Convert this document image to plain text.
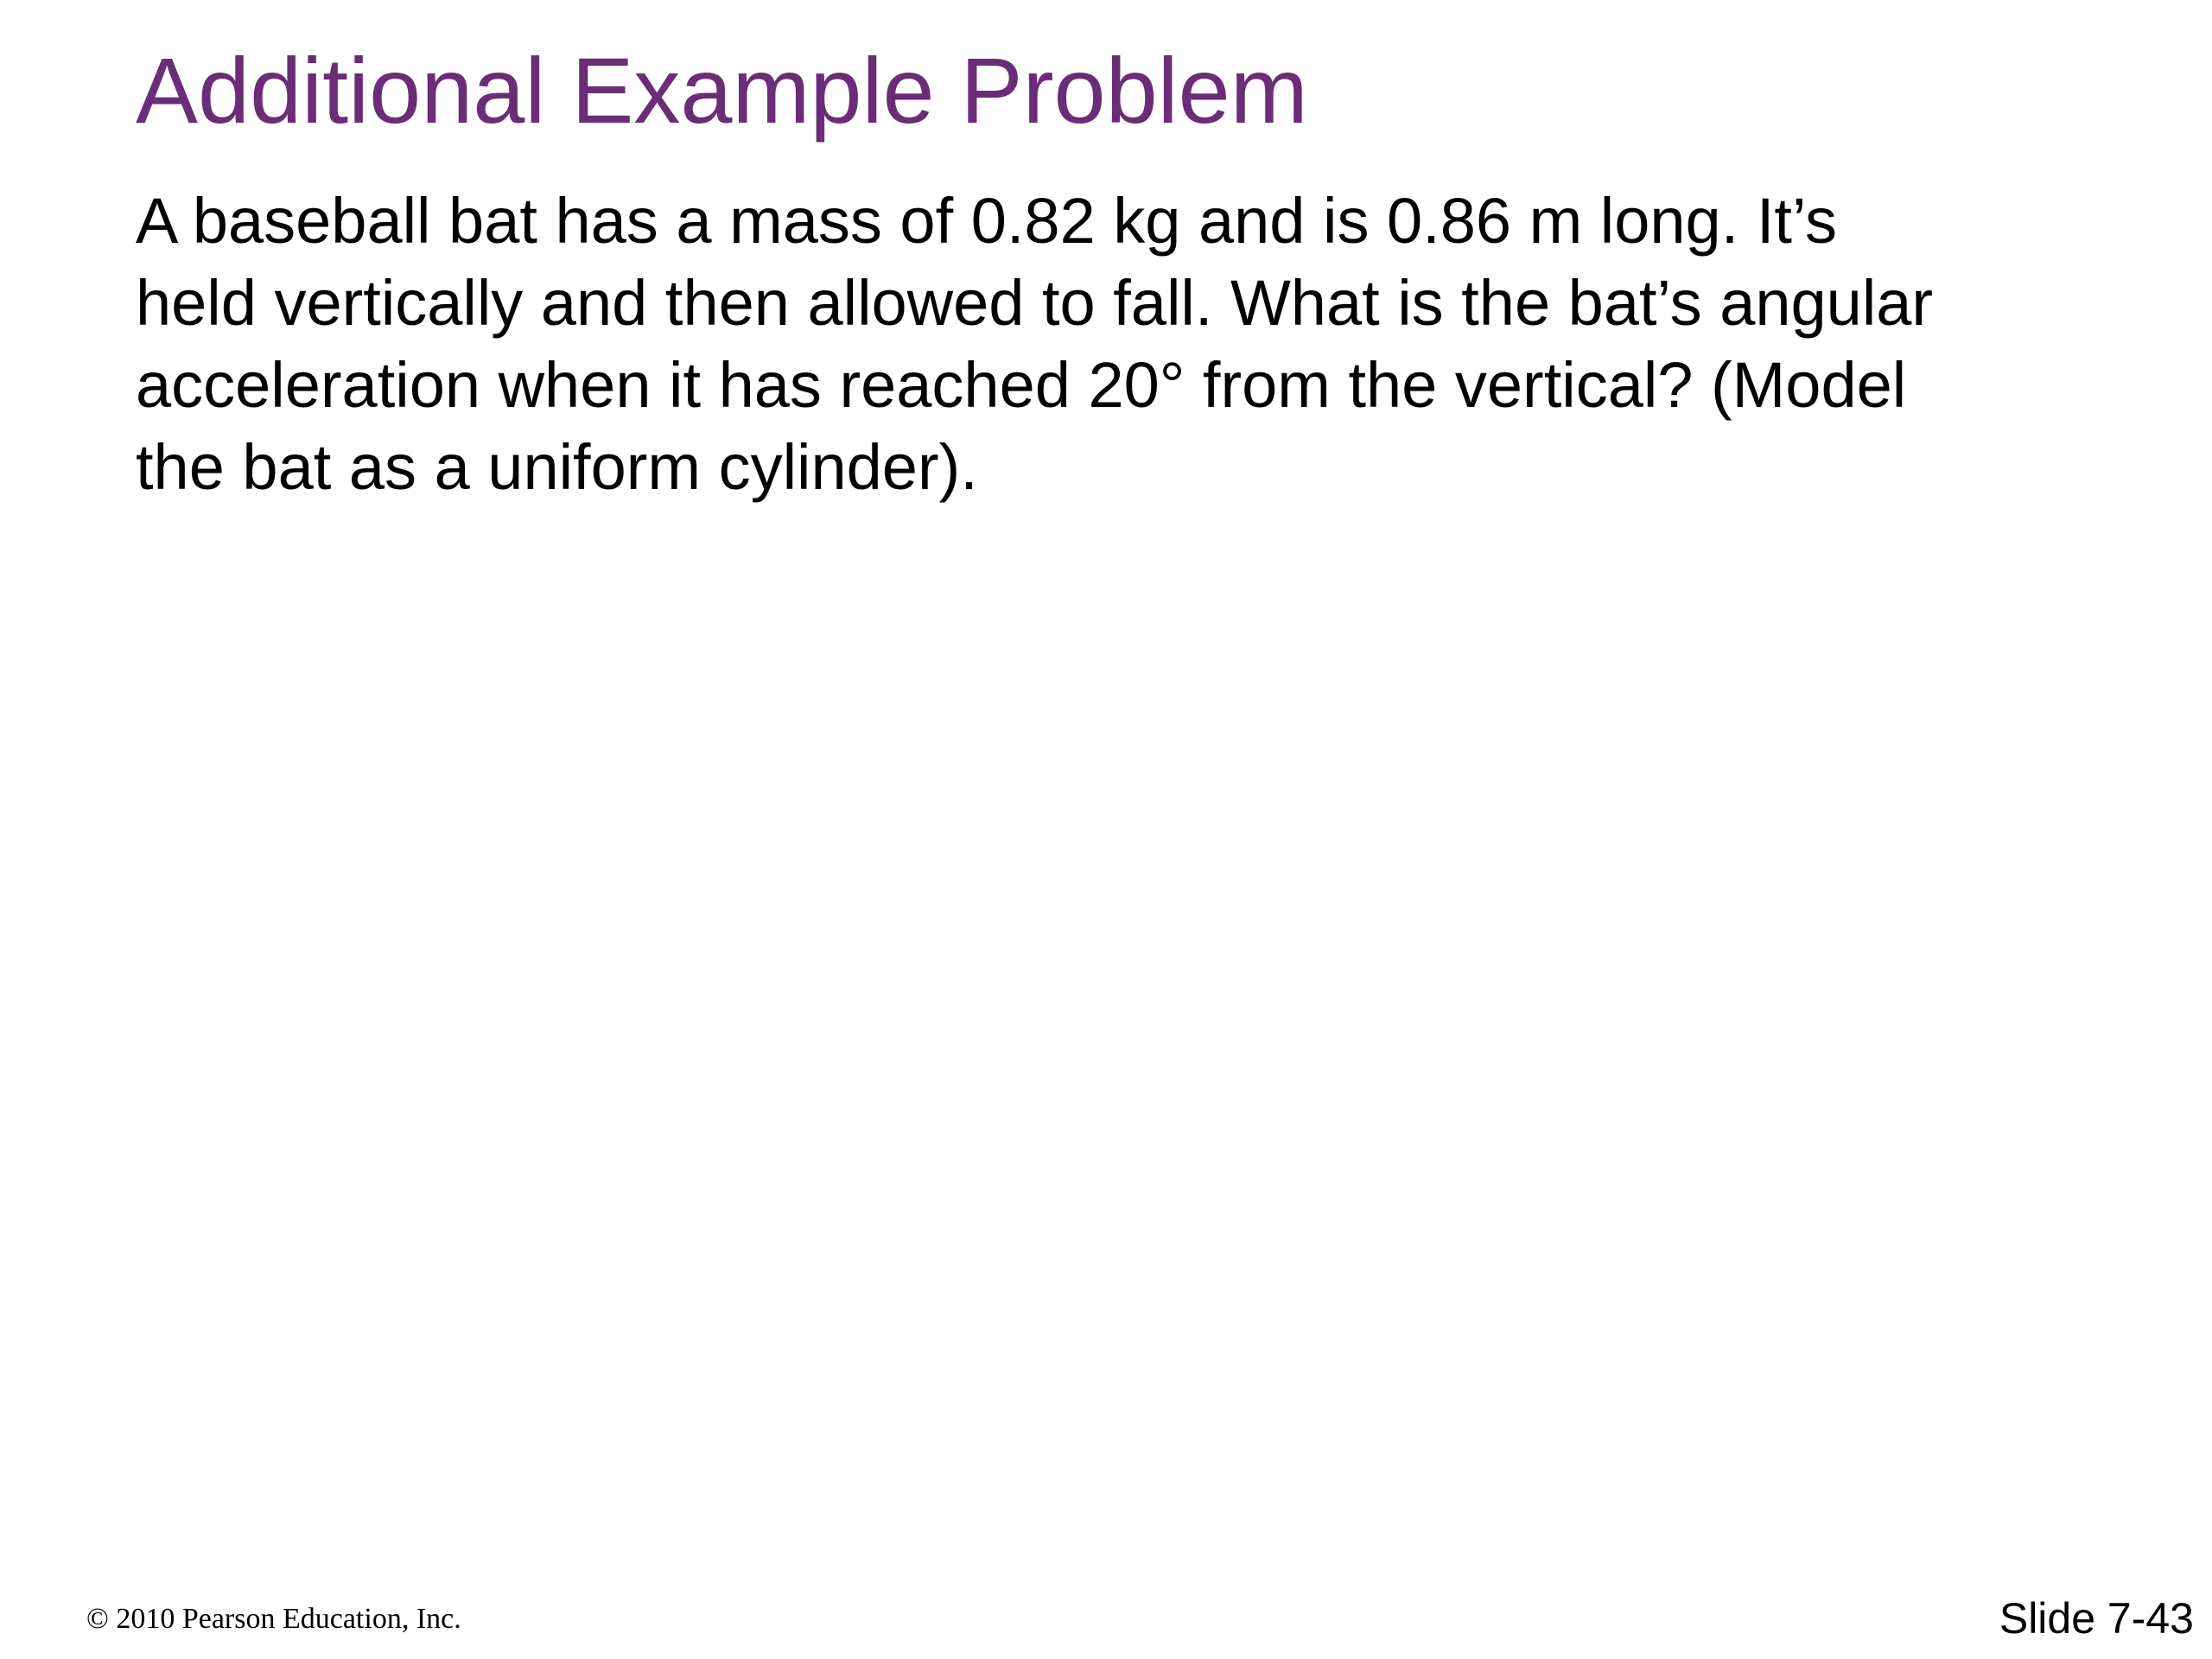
Additional Example Problem

A baseball bat has a mass of 0.82 kg and is 0.86 m long. It’s
held vertically and then allowed to fall. What is the bat’s angular
acceleration when it has reached 20° from the vertical? (Model
the bat as a uniform cylinder).

© 2010 Pearson Education, Inc.	Slide 7-43
